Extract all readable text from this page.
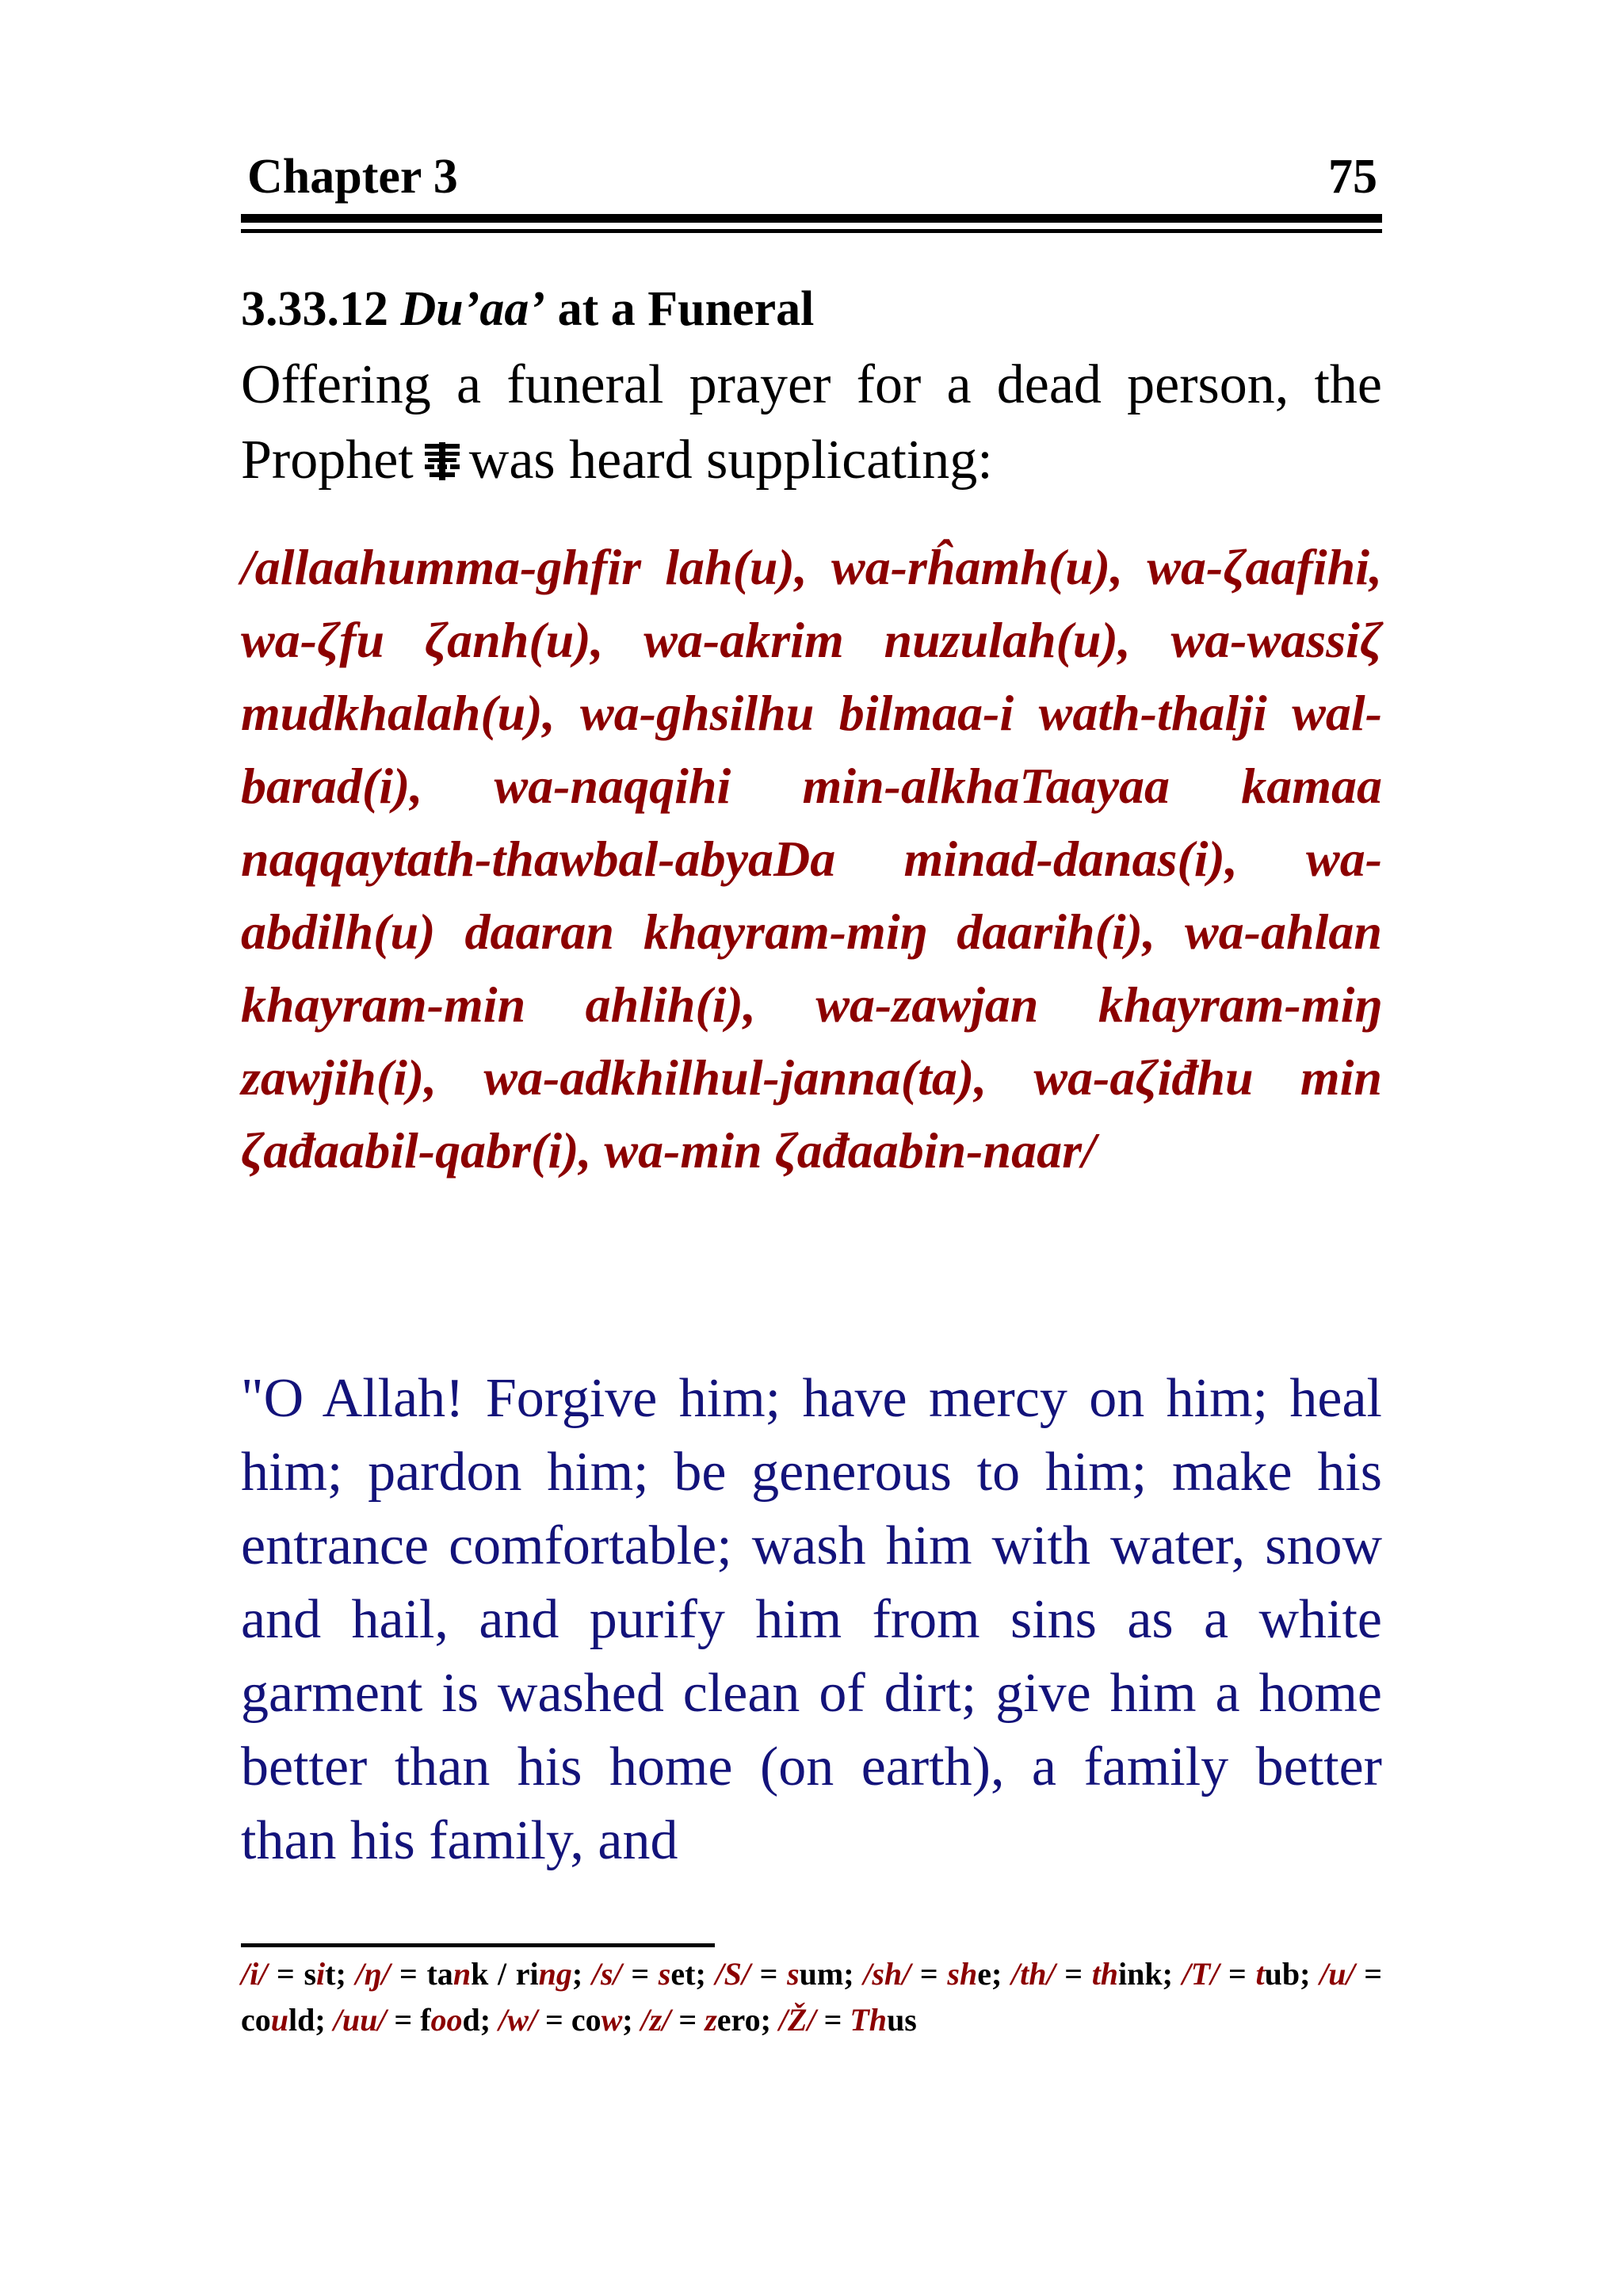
Chapter 3	75
3.33.12 Du’aa’ at a Funeral

Offering a funeral prayer for a dead person, the Prophet was heard supplicating:

/allaahumma-ghfir lah(u), wa-rĥamh(u), wa-ζaafihi, wa-ζfu ζanh(u), wa-akrim nuzulah(u), wa-wassiζ mudkhalah(u), wa-ghsilhu bilmaa-i wath-thalji wal-barad(i), wa-naqqihi min-alkhaTaayaa kamaa naqqaytath-thawbal-abyaDa minad-danas(i), wa-abdilh(u) daaran khayram-miŋ daarih(i), wa-ahlan khayram-min ahlih(i), wa-zawjan khayram-miŋ zawjih(i), wa-adkhilhul-janna(ta), wa-aζiđhu min ζađaabil-qabr(i), wa-min ζađaabin-naar/

"O Allah! Forgive him; have mercy on him; heal him; pardon him; be generous to him; make his entrance comfortable; wash him with water, snow and hail, and purify him from sins as a white garment is washed clean of dirt; give him a home better than his home (on earth), a family better than his family, and

/i/ = sit; /ŋ/ = tank / ring; /s/ = set; /S/ = sum; /sh/ = she; /th/ = think; /T/ = tub; /u/ = could; /uu/ = food; /w/ = cow; /z/ = zero; /Ž/ = Thus
